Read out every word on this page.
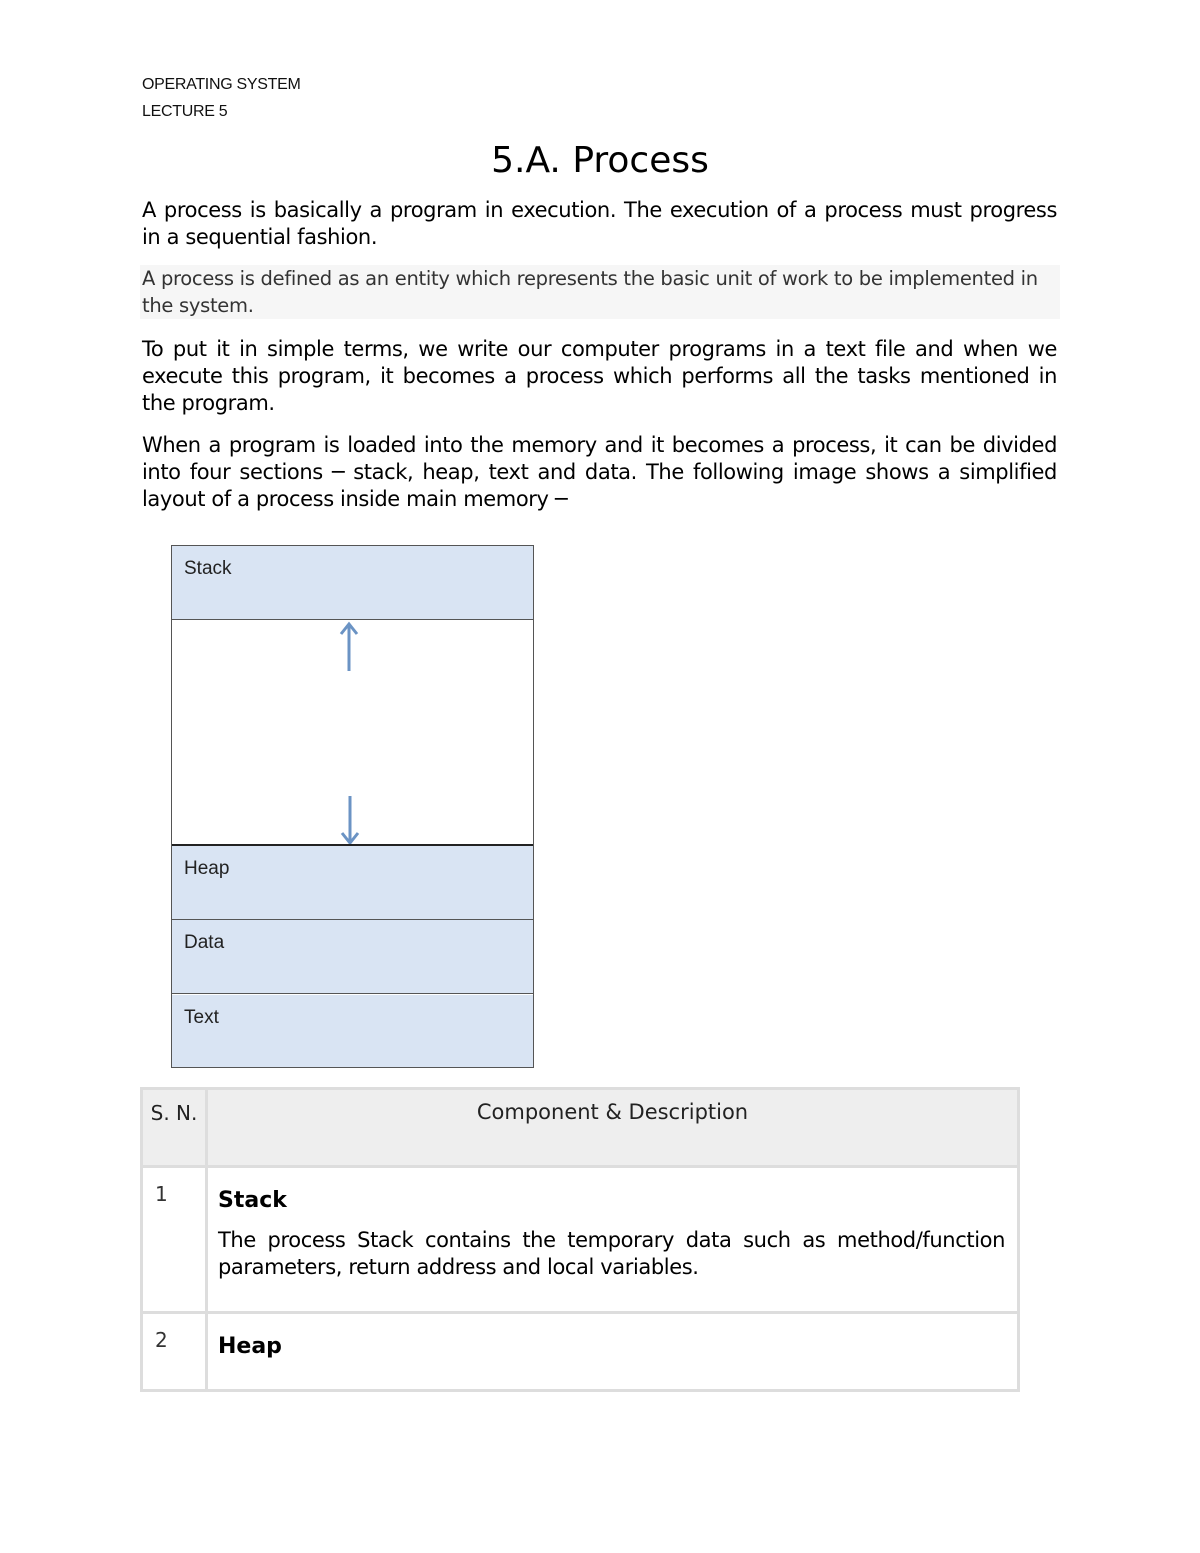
OPERATING SYSTEM
LECTURE 5
5.A. Process
A process is basically a program in execution. The execution of a process must progress in a sequential fashion.
A process is defined as an entity which represents the basic unit of work to be implemented in the system.
To put it in simple terms, we write our computer programs in a text file and when we execute this program, it becomes a process which performs all the tasks mentioned in the program.
When a program is loaded into the memory and it becomes a process, it can be divided into four sections ─ stack, heap, text and data. The following image shows a simplified layout of a process inside main memory ─
Stack
Heap
Data
Text
S. N.	Component & Description
1	Stack

The process Stack contains the temporary data such as method/function parameters, return address and local variables.

2	Heap
